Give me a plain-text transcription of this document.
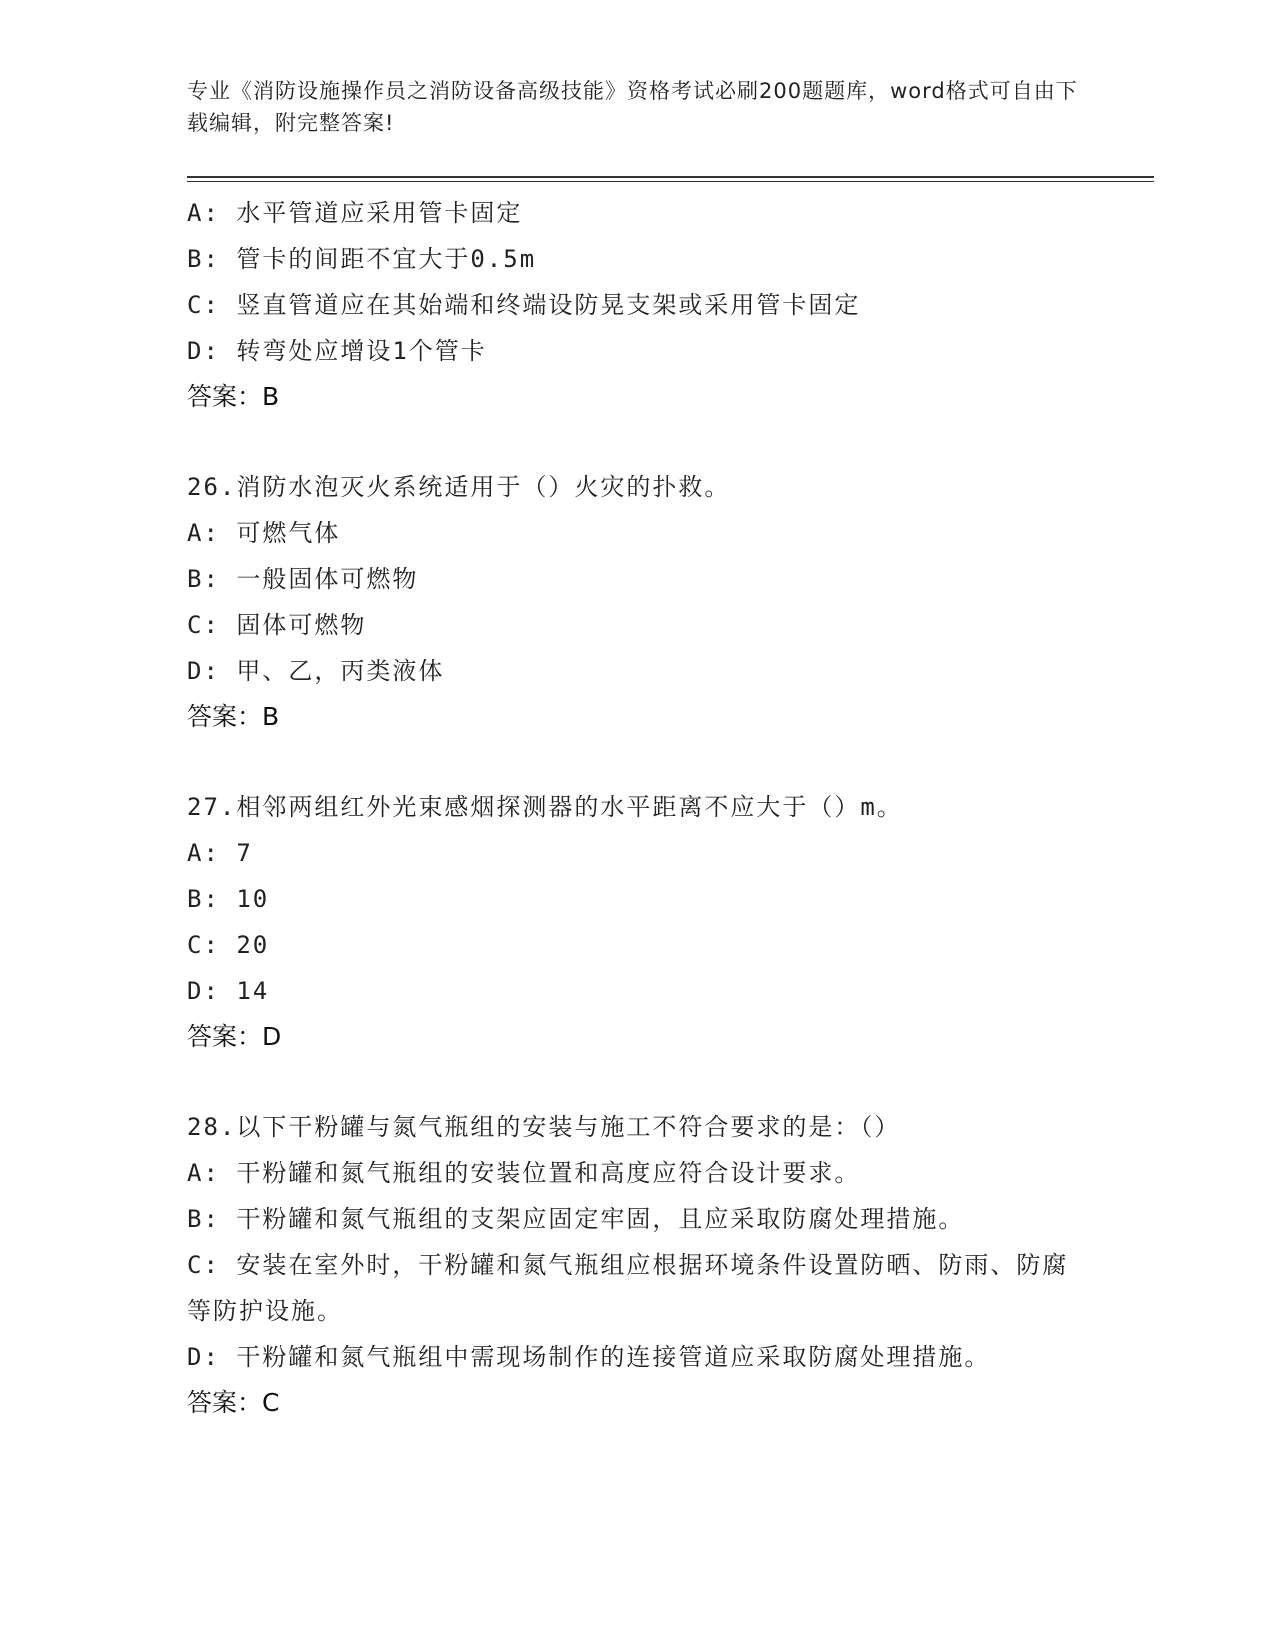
专业《消防设施操作员之消防设备高级技能》资格考试必刷200题题库，word格式可自由下载编辑，附完整答案!
A: 水平管道应采用管卡固定
B: 管卡的间距不宜大于0.5m
C: 竖直管道应在其始端和终端设防晃支架或采用管卡固定
D: 转弯处应增设1个管卡
答案：B
26.消防水泡灭火系统适用于（）火灾的扑救。
A: 可燃气体
B: 一般固体可燃物
C: 固体可燃物
D: 甲、乙，丙类液体
答案：B
27.相邻两组红外光束感烟探测器的水平距离不应大于（）m。
A: 7
B: 10
C: 20
D: 14
答案：D
28.以下干粉罐与氮气瓶组的安装与施工不符合要求的是：（）
A: 干粉罐和氮气瓶组的安装位置和高度应符合设计要求。
B: 干粉罐和氮气瓶组的支架应固定牢固，且应采取防腐处理措施。
C: 安装在室外时，干粉罐和氮气瓶组应根据环境条件设置防晒、防雨、防腐等防护设施。
D: 干粉罐和氮气瓶组中需现场制作的连接管道应采取防腐处理措施。
答案：C
